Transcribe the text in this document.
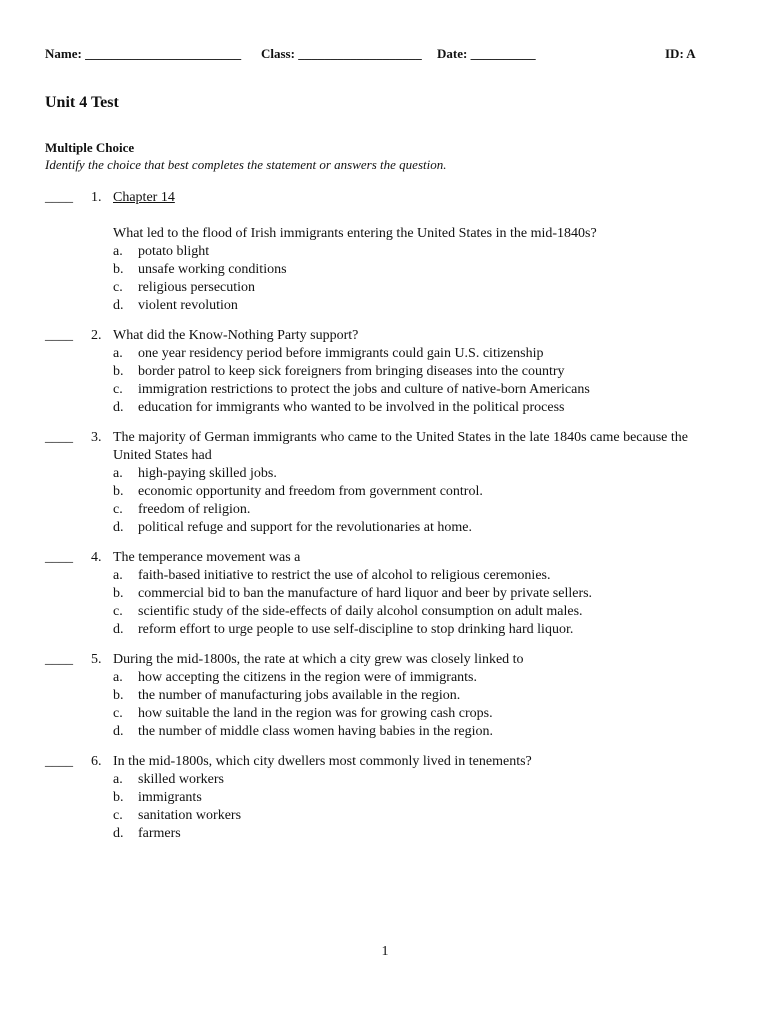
Name: ________________________ Class: ___________________ Date: __________	ID: A
Unit 4 Test
Multiple Choice
Identify the choice that best completes the statement or answers the question.
____ 1. Chapter 14
What led to the flood of Irish immigrants entering the United States in the mid-1840s?
a. potato blight
b. unsafe working conditions
c. religious persecution
d. violent revolution
____ 2. What did the Know-Nothing Party support?
a. one year residency period before immigrants could gain U.S. citizenship
b. border patrol to keep sick foreigners from bringing diseases into the country
c. immigration restrictions to protect the jobs and culture of native-born Americans
d. education for immigrants who wanted to be involved in the political process
____ 3. The majority of German immigrants who came to the United States in the late 1840s came because the United States had
a. high-paying skilled jobs.
b. economic opportunity and freedom from government control.
c. freedom of religion.
d. political refuge and support for the revolutionaries at home.
____ 4. The temperance movement was a
a. faith-based initiative to restrict the use of alcohol to religious ceremonies.
b. commercial bid to ban the manufacture of hard liquor and beer by private sellers.
c. scientific study of the side-effects of daily alcohol consumption on adult males.
d. reform effort to urge people to use self-discipline to stop drinking hard liquor.
____ 5. During the mid-1800s, the rate at which a city grew was closely linked to
a. how accepting the citizens in the region were of immigrants.
b. the number of manufacturing jobs available in the region.
c. how suitable the land in the region was for growing cash crops.
d. the number of middle class women having babies in the region.
____ 6. In the mid-1800s, which city dwellers most commonly lived in tenements?
a. skilled workers
b. immigrants
c. sanitation workers
d. farmers
1
